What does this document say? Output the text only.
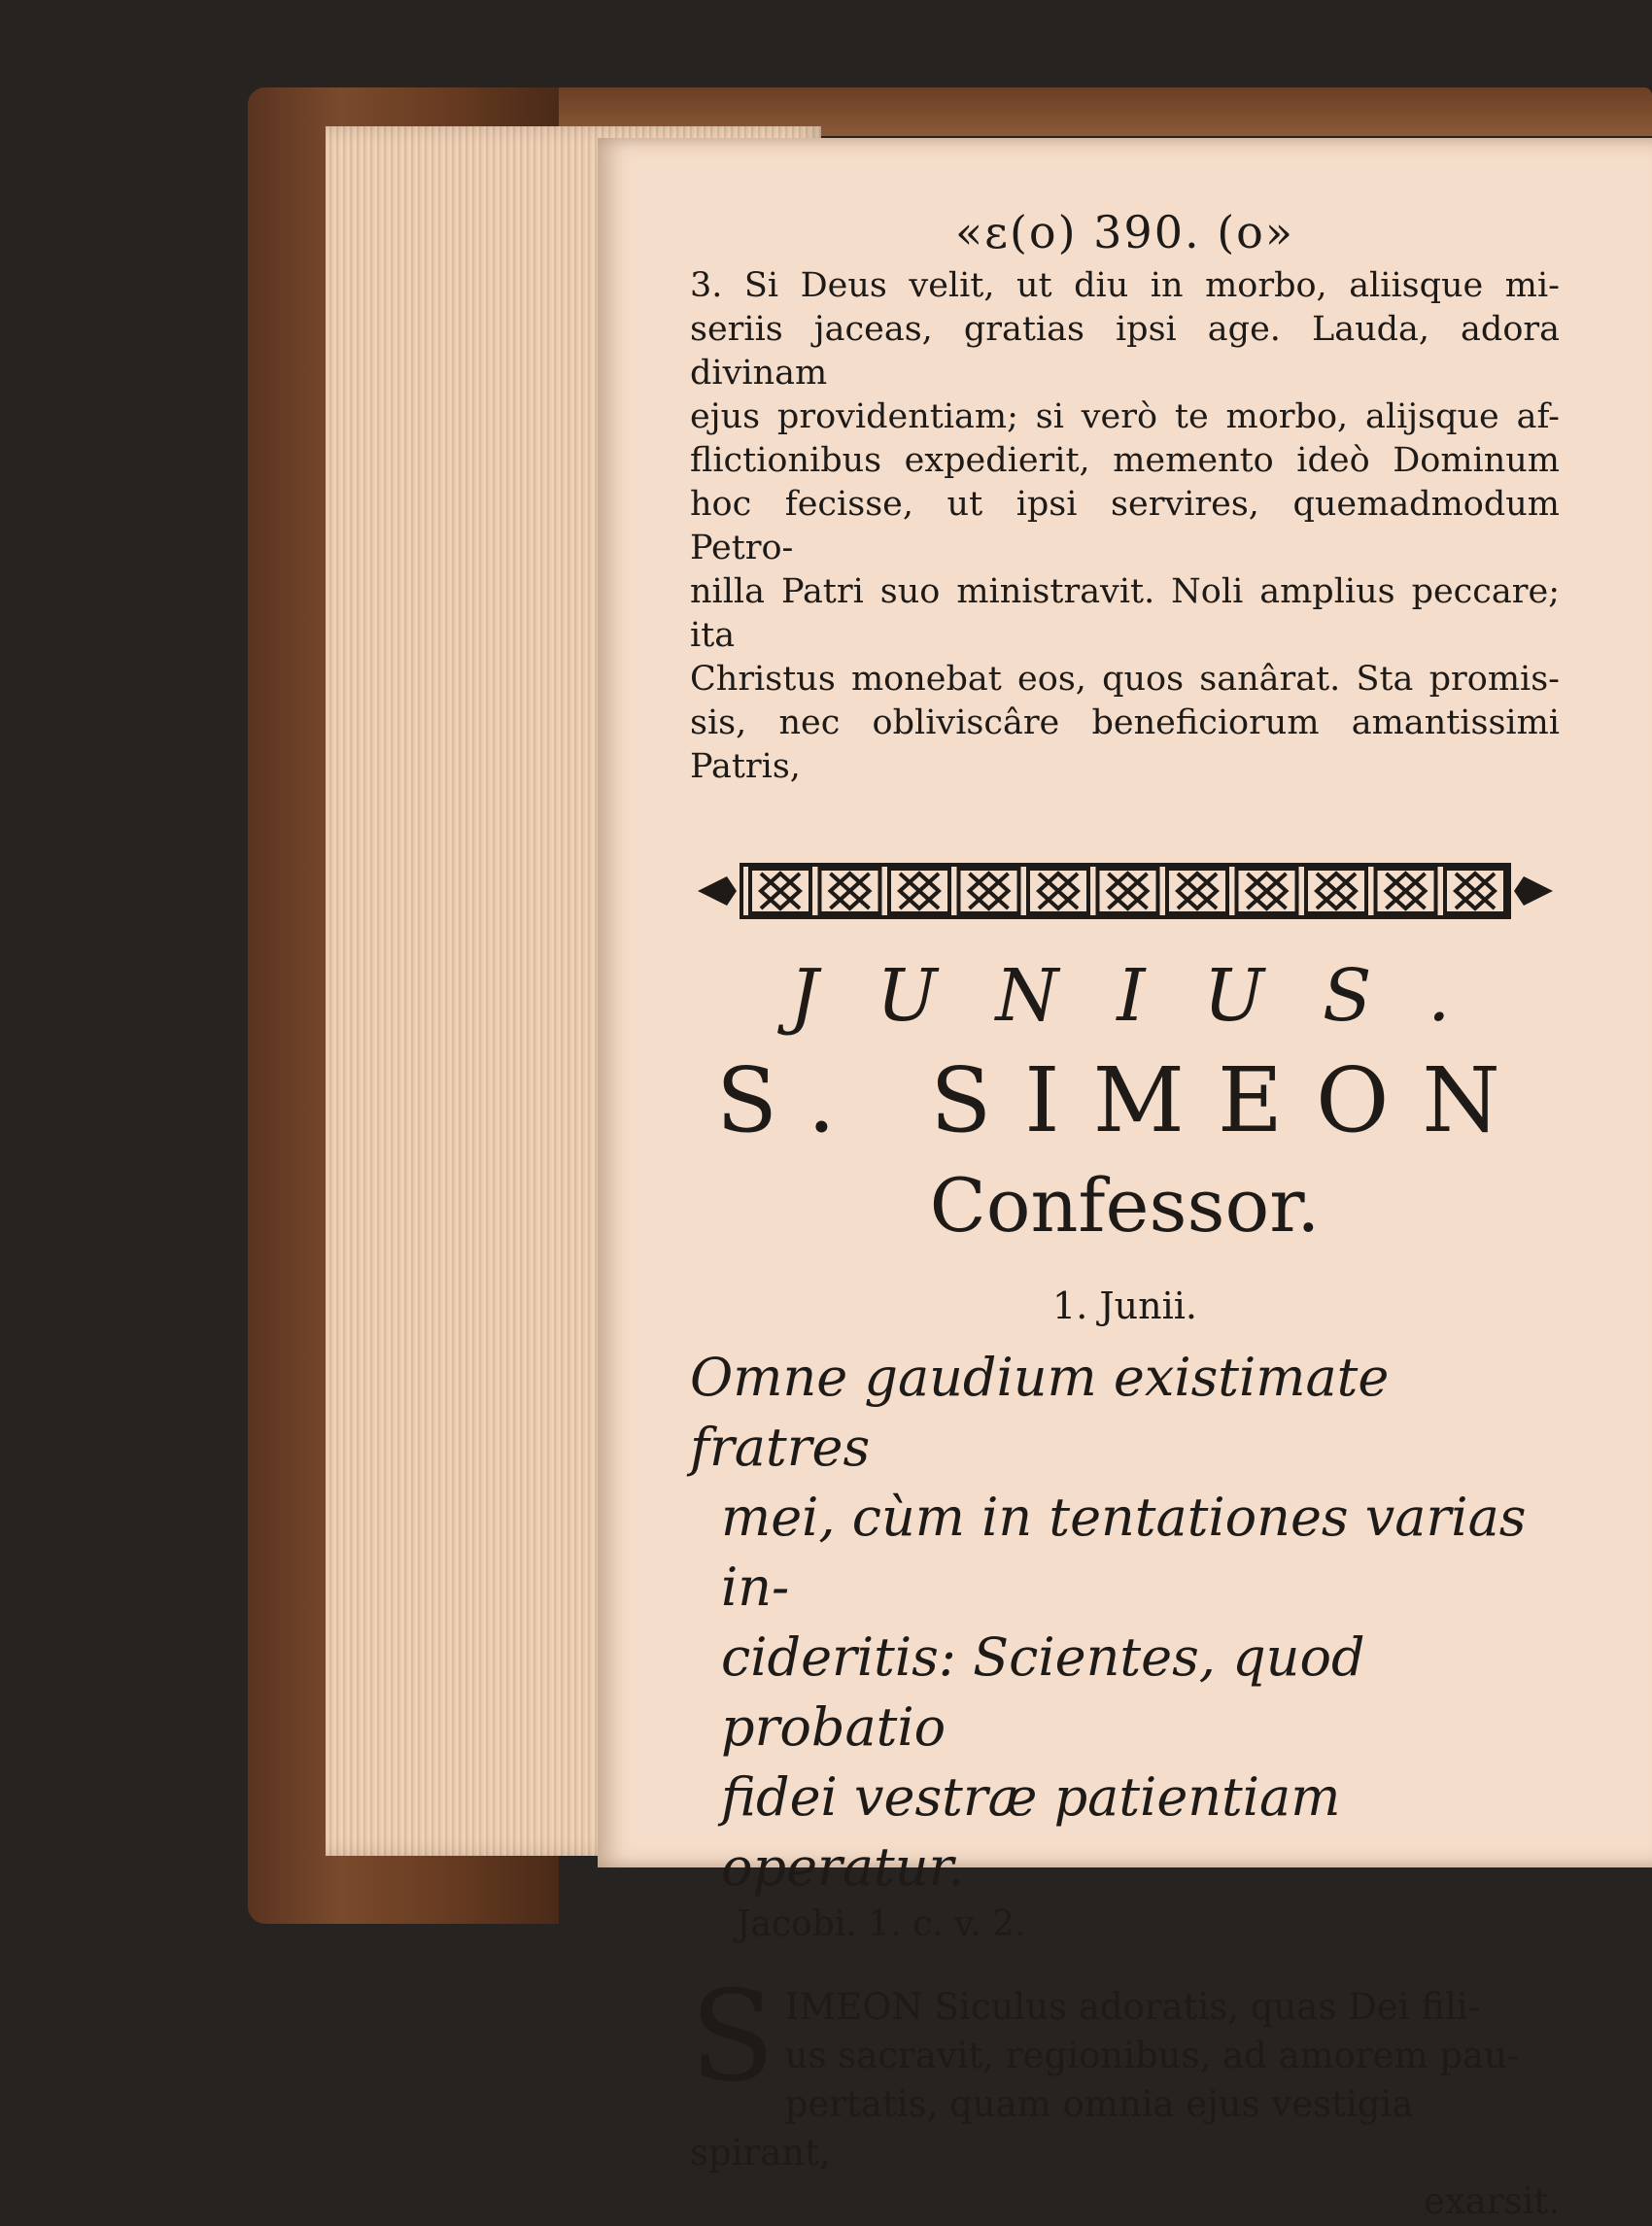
«ε(o) 390. (o»
3. Si Deus velit, ut diu in morbo, aliisque mi-
seriis jaceas, gratias ipsi age. Lauda, adora divinam
ejus providentiam; si verò te morbo, alijsque af-
flictionibus expedierit, memento ideò Dominum
hoc fecisse, ut ipsi servires, quemadmodum Petro-
nilla Patri suo ministravit. Noli amplius peccare; ita
Christus monebat eos, quos sanârat. Sta promis-
sis, nec obliviscâre beneficiorum amantissimi Patris,
JUNIUS.
S. SIMEON
Confessor.
1. Junii.
Omne gaudium existimate fratres
mei, cùm in tentationes varias in-
cideritis: Scientes, quod probatio
fidei vestræ patientiam operatur.
Jacobi. 1. c. v. 2.
S IMEON Siculus adoratis, quas Dei fili-
us sacravit, regionibus, ad amorem pau-
pertatis, quam omnia ejus vestigia spirant,
exarsit.
